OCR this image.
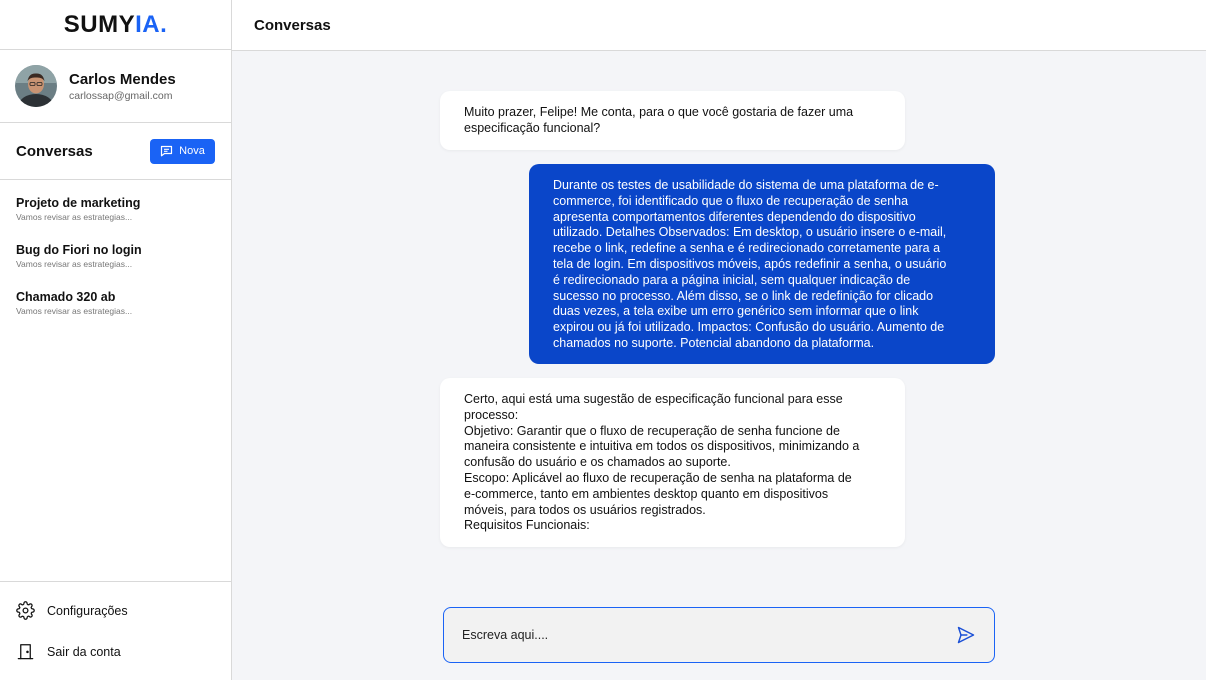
SUMYIA.
Carlos Mendes
carlossap@gmail.com
Conversas	Nova
Projeto de marketing
Vamos revisar as estrategias...
Bug do Fiori no login
Vamos revisar as estrategias...
Chamado 320 ab
Vamos revisar as estrategias...
Configurações
Sair da conta
Conversas

Muito prazer, Felipe! Me conta, para o que você gostaria de fazer uma

especificação funcional?

Durante os testes de usabilidade do sistema de uma plataforma de e-

commerce, foi identificado que o fluxo de recuperação de senha

apresenta comportamentos diferentes dependendo do dispositivo

utilizado. Detalhes Observados: Em desktop, o usuário insere o e-mail,

recebe o link, redefine a senha e é redirecionado corretamente para a

tela de login. Em dispositivos móveis, após redefinir a senha, o usuário

é redirecionado para a página inicial, sem qualquer indicação de

sucesso no processo. Além disso, se o link de redefinição for clicado

duas vezes, a tela exibe um erro genérico sem informar que o link

expirou ou já foi utilizado. Impactos: Confusão do usuário. Aumento de

chamados no suporte. Potencial abandono da plataforma.

Certo, aqui está uma sugestão de especificação funcional para esse

processo:

Objetivo: Garantir que o fluxo de recuperação de senha funcione de

maneira consistente e intuitiva em todos os dispositivos, minimizando a

confusão do usuário e os chamados ao suporte.

Escopo: Aplicável ao fluxo de recuperação de senha na plataforma de

e-commerce, tanto em ambientes desktop quanto em dispositivos

móveis, para todos os usuários registrados.

Requisitos Funcionais:

Escreva aqui....
